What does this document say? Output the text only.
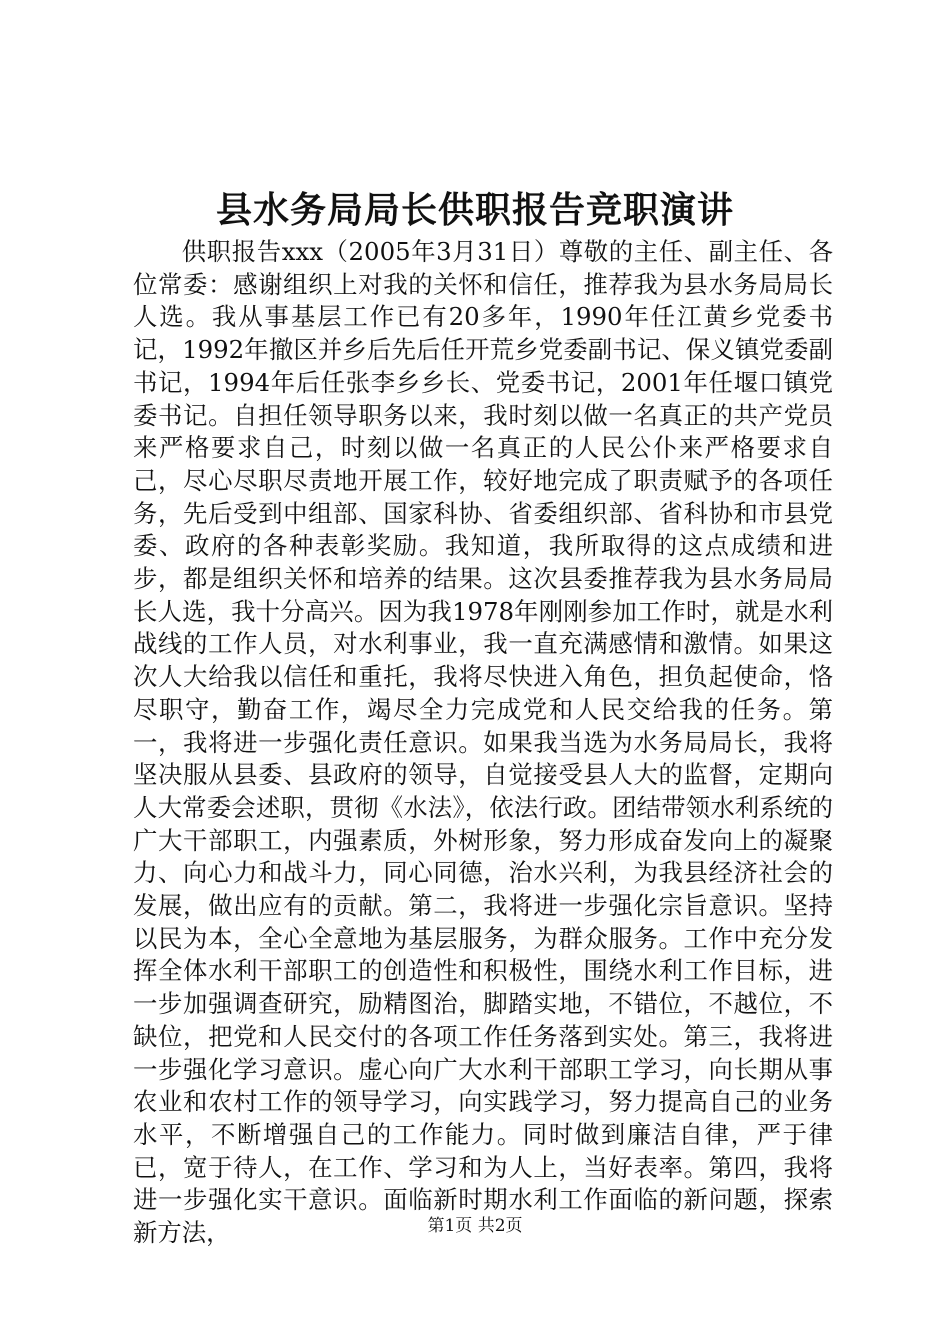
县水务局局长供职报告竞职演讲

供职报告xxx（2005年3月31日）尊敬的主任、副主任、各位常委：感谢组织上对我的关怀和信任，推荐我为县水务局局长人选。我从事基层工作已有20多年，1990年任江黄乡党委书记，1992年撤区并乡后先后任开荒乡党委副书记、保义镇党委副书记，1994年后任张李乡乡长、党委书记，2001年任堰口镇党委书记。自担任领导职务以来，我时刻以做一名真正的共产党员来严格要求自己，时刻以做一名真正的人民公仆来严格要求自己，尽心尽职尽责地开展工作，较好地完成了职责赋予的各项任务，先后受到中组部、国家科协、省委组织部、省科协和市县党委、政府的各种表彰奖励。我知道，我所取得的这点成绩和进步，都是组织关怀和培养的结果。这次县委推荐我为县水务局局长人选，我十分高兴。因为我1978年刚刚参加工作时，就是水利战线的工作人员，对水利事业，我一直充满感情和激情。如果这次人大给我以信任和重托，我将尽快进入角色，担负起使命，恪尽职守，勤奋工作，竭尽全力完成党和人民交给我的任务。第一，我将进一步强化责任意识。如果我当选为水务局局长，我将坚决服从县委、县政府的领导，自觉接受县人大的监督，定期向人大常委会述职，贯彻《水法》，依法行政。团结带领水利系统的广大干部职工，内强素质，外树形象，努力形成奋发向上的凝聚力、向心力和战斗力，同心同德，治水兴利，为我县经济社会的发展，做出应有的贡献。第二，我将进一步强化宗旨意识。坚持以民为本，全心全意地为基层服务，为群众服务。工作中充分发挥全体水利干部职工的创造性和积极性，围绕水利工作目标，进一步加强调查研究，励精图治，脚踏实地，不错位，不越位，不缺位，把党和人民交付的各项工作任务落到实处。第三，我将进一步强化学习意识。虚心向广大水利干部职工学习，向长期从事农业和农村工作的领导学习，向实践学习，努力提高自己的业务水平，不断增强自己的工作能力。同时做到廉洁自律，严于律已，宽于待人，在工作、学习和为人上，当好表率。第四，我将进一步强化实干意识。面临新时期水利工作面临的新问题，探索新方法，	第1页 共2页
